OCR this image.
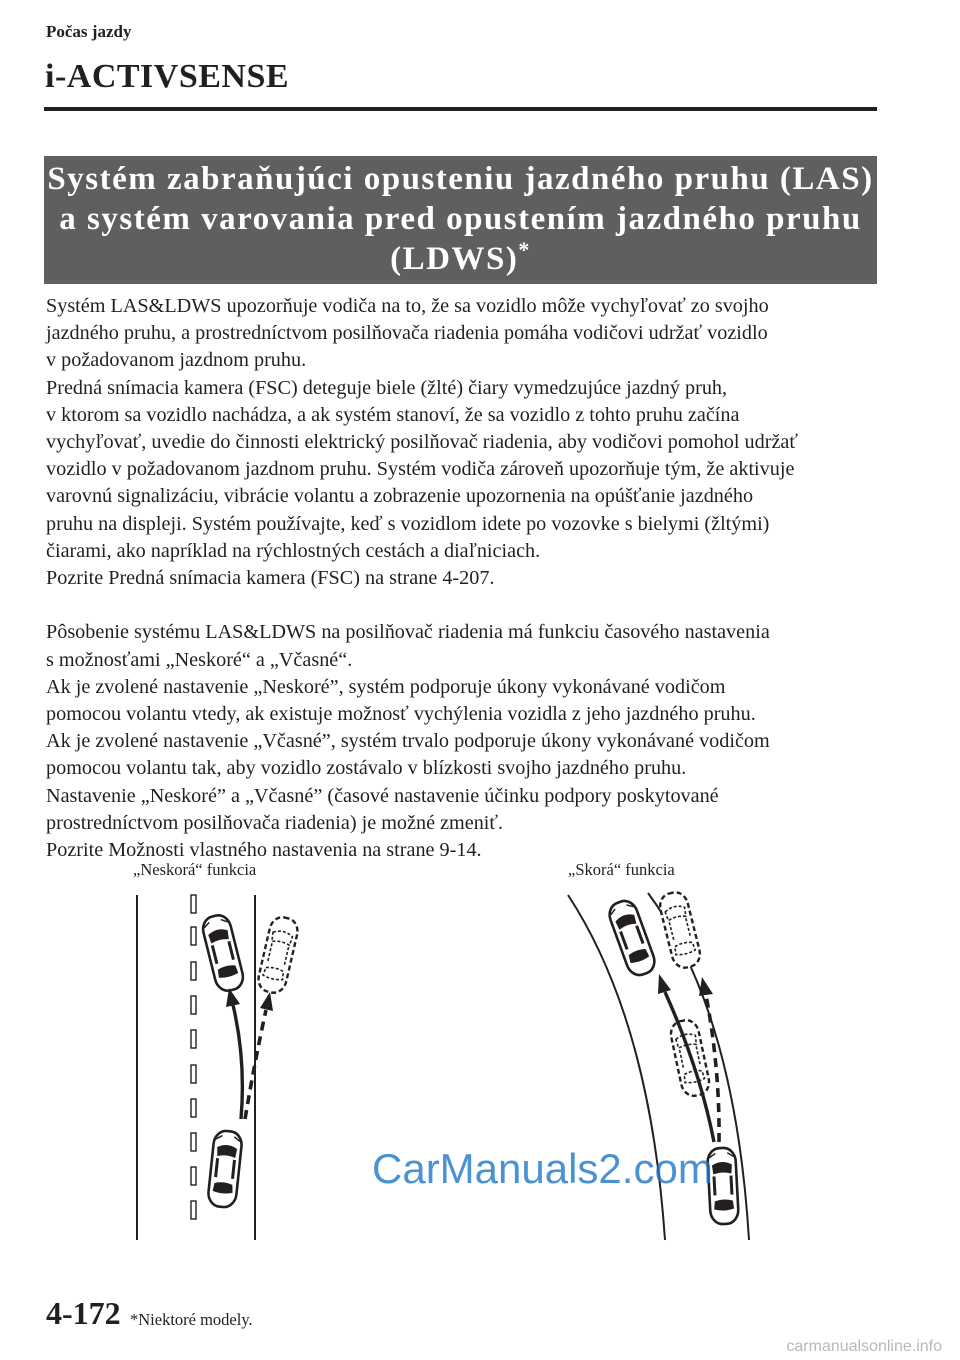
Počas jazdy
i-ACTIVSENSE
Systém zabraňujúci opusteniu jazdného pruhu (LAS)
a systém varovania pred opustením jazdného pruhu
(LDWS)*

Systém LAS&LDWS upozorňuje vodiča na to, že sa vozidlo môže vychyľovať zo svojho

jazdného pruhu, a prostredníctvom posilňovača riadenia pomáha vodičovi udržať vozidlo

v požadovanom jazdnom pruhu.

Predná snímacia kamera (FSC) deteguje biele (žlté) čiary vymedzujúce jazdný pruh,

v ktorom sa vozidlo nachádza, a ak systém stanoví, že sa vozidlo z tohto pruhu začína

vychyľovať, uvedie do činnosti elektrický posilňovač riadenia, aby vodičovi pomohol udržať

vozidlo v požadovanom jazdnom pruhu. Systém vodiča zároveň upozorňuje tým, že aktivuje

varovnú signalizáciu, vibrácie volantu a zobrazenie upozornenia na opúšťanie jazdného

pruhu na displeji. Systém používajte, keď s vozidlom idete po vozovke s bielymi (žltými)

čiarami, ako napríklad na rýchlostných cestách a diaľniciach.

Pozrite Predná snímacia kamera (FSC) na strane 4-207.

Pôsobenie systému LAS&LDWS na posilňovač riadenia má funkciu časového nastavenia

s možnosťami „Neskoré“ a „Včasné“.

Ak je zvolené nastavenie „Neskoré”, systém podporuje úkony vykonávané vodičom

pomocou volantu vtedy, ak existuje možnosť vychýlenia vozidla z jeho jazdného pruhu.

Ak je zvolené nastavenie „Včasné”, systém trvalo podporuje úkony vykonávané vodičom

pomocou volantu tak, aby vozidlo zostávalo v blízkosti svojho jazdného pruhu.

Nastavenie „Neskoré” a „Včasné” (časové nastavenie účinku podpory poskytované

prostredníctvom posilňovača riadenia) je možné zmeniť.

Pozrite Možnosti vlastného nastavenia na strane 9-14.

„Neskorá“ funkcia	„Skorá“ funkcia
CarManuals2.com
4-172 *Niektoré modely.
carmanualsonline.info
